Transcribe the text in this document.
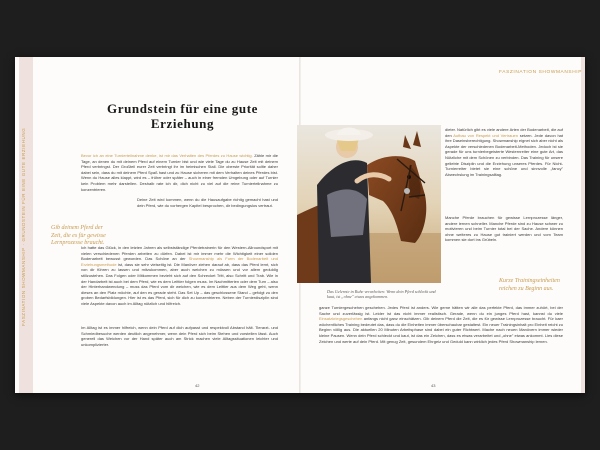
FASZINATION SHOWMANSHIP · GRUNDSTEIN FÜR EINE GUTE ERZIEHUNG
FASZINATION SHOWMANSHIP
Grundstein für eine gute Erziehung

Bevor ich an eine Turnierteilnahme denke, ist mir das Verhalten des Pferdes zu Hause wichtig. Zähle mir die Tage, an denen du mit deinem Pferd auf einem Turnier bist und wie viele Tage du zu Hause Zeit mit deinem Pferd verbringst. Der Großteil eurer Zeit verbringt ihr im heimischen Stall. Die oberste Priorität sollte daher dabei sein, dass du mit deinem Pferd Spaß hast und zu Hause sicheren mit dem Verhalten deines Pferdes bist. Wenn du Hause alles klappt, wird es – früher oder später – auch in einer fremden Umgebung oder auf Turnier kein Problem mehr darstellen. Deshalb rate ich dir, dich nicht zu viel auf die reine Turnierteilnahme zu konzentrieren.

Gib deinem Pferd der Zeit, die es für gewisse Lernprozesse braucht.

Deine Zeit wird kommen, wenn du die Hausaufgabe richtig gemacht hast und dein Pferd, wie du vorhergen Kapitel besprochen, dir bedingungslos vertraut.

Ich hatte das Glück, in den letzten Jahren als selbstständige Pferdetrainerin für den Western-Allroundsport mit vielen verschiedenen Pferden arbeiten zu dürfen. Dabei ist mir immer mehr die Wichtigkeit einer soliden Bodenarbeit bewusst geworden. Das Schöne an der Showmanship als Form der Bodenarbeit und Erziehungsmethode ist, dass sie sehr vielseitig ist. Die Manöver ziehen darauf ab, dass das Pferd lernt, sich von dir führen zu lassen und mitzukommen, aber auch weichen zu müssen und vor allem geduldig stillzustehen. Das Folgen oder Mitkommen bezieht sich auf den Schrecket Tritt, also Schritt und Trab. Wie in der Handarbeit ist auch bei dem Pferd, wie es dem Leittier folgen muss. Im Nachmitterien oder dem Turn – also der Hinterhandwendung – muss das Pferd vom dir weichen, wie es dem Leittier aus dem Weg geht, wenn dieses an den Platz möchte, auf den es gerade steht. Das Set Up – das geschlossene Stand – gefolgt zu den groben Bedarfsbildungen. Hier ist es das Pferd, sich für dich zu konzentrieren. Neben der Turnierdisziplin sind viele Aspekte davon auch im Alltag nützlich und hilfreich.

Im Alltag ist es immer hilfreich, wenn dein Pferd auf dich aufpasst und respektvoll Abstand hält. Tierarzt- und Schmiedbesuche werden deutlich angenehmer, wenn dein Pferd sich beim Stehen und vorstellen lässt. Auch generell das Weichen vor der Hand später auch am Strick machen viele Alltagssituationen leichter und unkomplizierter.

42

Das Gelernte in Ruhe verarbeiten: Wenn dein Pferd schleckt und kaut, ist „ohne" etwas angekommen.

dieter. Natürlich gibt es viele andere Arten der Bodenarbeit, die auf den Aufbau von Respekt und Vertrauen setzen. Jede davon hat ihre Daseinsberechtigung. Showmanship eignet sich aber nicht als Aspekte der verschiedenen Bodenarbeit-Methoden. Jedoch ist sie gerade für uns turnierbegeisterte Westernreiter eine gute Art, das Nützliche mit dem Schönen zu verbinden. Das Training für unsere geliebte Disziplin und die Erziehung unseres Pferdes. Für Nicht-Turnierreiter bietet sie eine schöne und sinnvolle „fancy" Abwechslung im Trainingsalltag.

Manche Pferde brauchen für gewisse Lernprozesse länger, andere lernen schneller. Manche Pferde sind zu Hause schwer zu motivieren und beim Turnier total bei der Sache. Andere können ohne weiteres zu Hause gut trainiert werden und vom Team kommen sie dort ins Grübeln.

Kurze Trainingseinheiten reichen zu Beginn aus.

ganze Turniergeschehen geschehen. Jedes Pferd ist anders. Wie gerne hätten wir alle das perfekte Pferd, das immer zuhört, bei der Sache und zuverlässig ist. Leider ist das nicht immer realistisch. Gerade, wenn du ein junges Pferd hast, kannst du viele Einsatzkriegsgeschehen anfangs nicht ganz einschätzen. Gib deinem Pferd die Zeit, die es für gewisse Lernprozesse braucht. Für kaer wöchentliches Training bedeutet das, dass du die Einheiten immer überschaubar gestaltest. Ein neuer Trainingsinhalt pro Einheit reicht zu Beginn völlig aus. Die aktuellen 20 Minuten Arbeitsphase sind dabei ein guter Richtwert. Mache nach neuen Manövern immer wieder kleine Pausen. Wenn dein Pferd schleckt und kaut, ist das ein Zeichen, dass es etwas verarbeitet und „ohne" etwas ankommt. Lies diese Zeichen und werte auf dein Pferd. Mit genug Zeit, gesundem Ehrgeiz und Geduld kann wirklich jedes Pferd Showmanship lernen.

43
